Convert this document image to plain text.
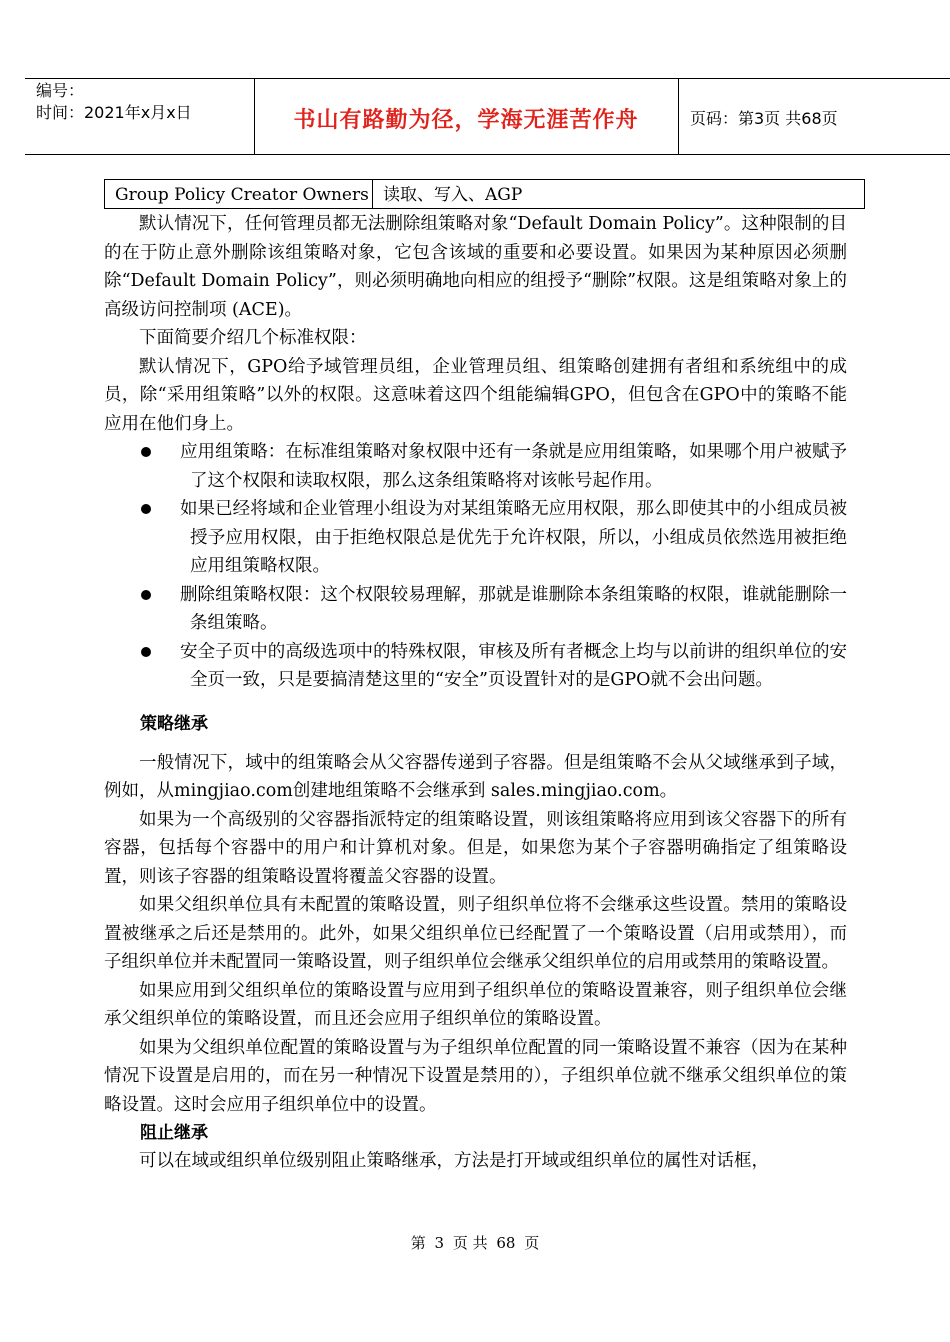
编号：
时间：2021年x月x日	书山有路勤为径，学海无涯苦作舟	页码：第3页 共68页
Group Policy Creator Owners 读取、写入、AGP

默认情况下，任何管理员都无法删除组策略对象“Default Domain Policy”。这种限制的目的在于防止意外删除该组策略对象，它包含该域的重要和必要设置。如果因为某种原因必须删除“Default Domain Policy”，则必须明确地向相应的组授予“删除”权限。这是组策略对象上的高级访问控制项 (ACE)。

下面简要介绍几个标准权限：

默认情况下，GPO给予域管理员组，企业管理员组、组策略创建拥有者组和系统组中的成员，除“采用组策略”以外的权限。这意味着这四个组能编辑GPO，但包含在GPO中的策略不能应用在他们身上。

应用组策略：在标准组策略对象权限中还有一条就是应用组策略，如果哪个用户被赋予了这个权限和读取权限，那么这条组策略将对该帐号起作用。
如果已经将域和企业管理小组设为对某组策略无应用权限，那么即使其中的小组成员被授予应用权限，由于拒绝权限总是优先于允许权限，所以，小组成员依然选用被拒绝应用组策略权限。
删除组策略权限：这个权限较易理解，那就是谁删除本条组策略的权限，谁就能删除一条组策略。
安全子页中的高级选项中的特殊权限，审核及所有者概念上均与以前讲的组织单位的安全页一致，只是要搞清楚这里的“安全”页设置针对的是GPO就不会出问题。
策略继承

一般情况下，域中的组策略会从父容器传递到子容器。但是组策略不会从父域继承到子域，例如，从mingjiao.com创建地组策略不会继承到 sales.mingjiao.com。

如果为一个高级别的父容器指派特定的组策略设置，则该组策略将应用到该父容器下的所有容器，包括每个容器中的用户和计算机对象。但是，如果您为某个子容器明确指定了组策略设置，则该子容器的组策略设置将覆盖父容器的设置。

如果父组织单位具有未配置的策略设置，则子组织单位将不会继承这些设置。禁用的策略设置被继承之后还是禁用的。此外，如果父组织单位已经配置了一个策略设置（启用或禁用），而子组织单位并未配置同一策略设置，则子组织单位会继承父组织单位的启用或禁用的策略设置。

如果应用到父组织单位的策略设置与应用到子组织单位的策略设置兼容，则子组织单位会继承父组织单位的策略设置，而且还会应用子组织单位的策略设置。

如果为父组织单位配置的策略设置与为子组织单位配置的同一策略设置不兼容（因为在某种情况下设置是启用的，而在另一种情况下设置是禁用的），子组织单位就不继承父组织单位的策略设置。这时会应用子组织单位中的设置。

阻止继承

可以在域或组织单位级别阻止策略继承，方法是打开域或组织单位的属性对话框，

第 3 页 共 68 页
